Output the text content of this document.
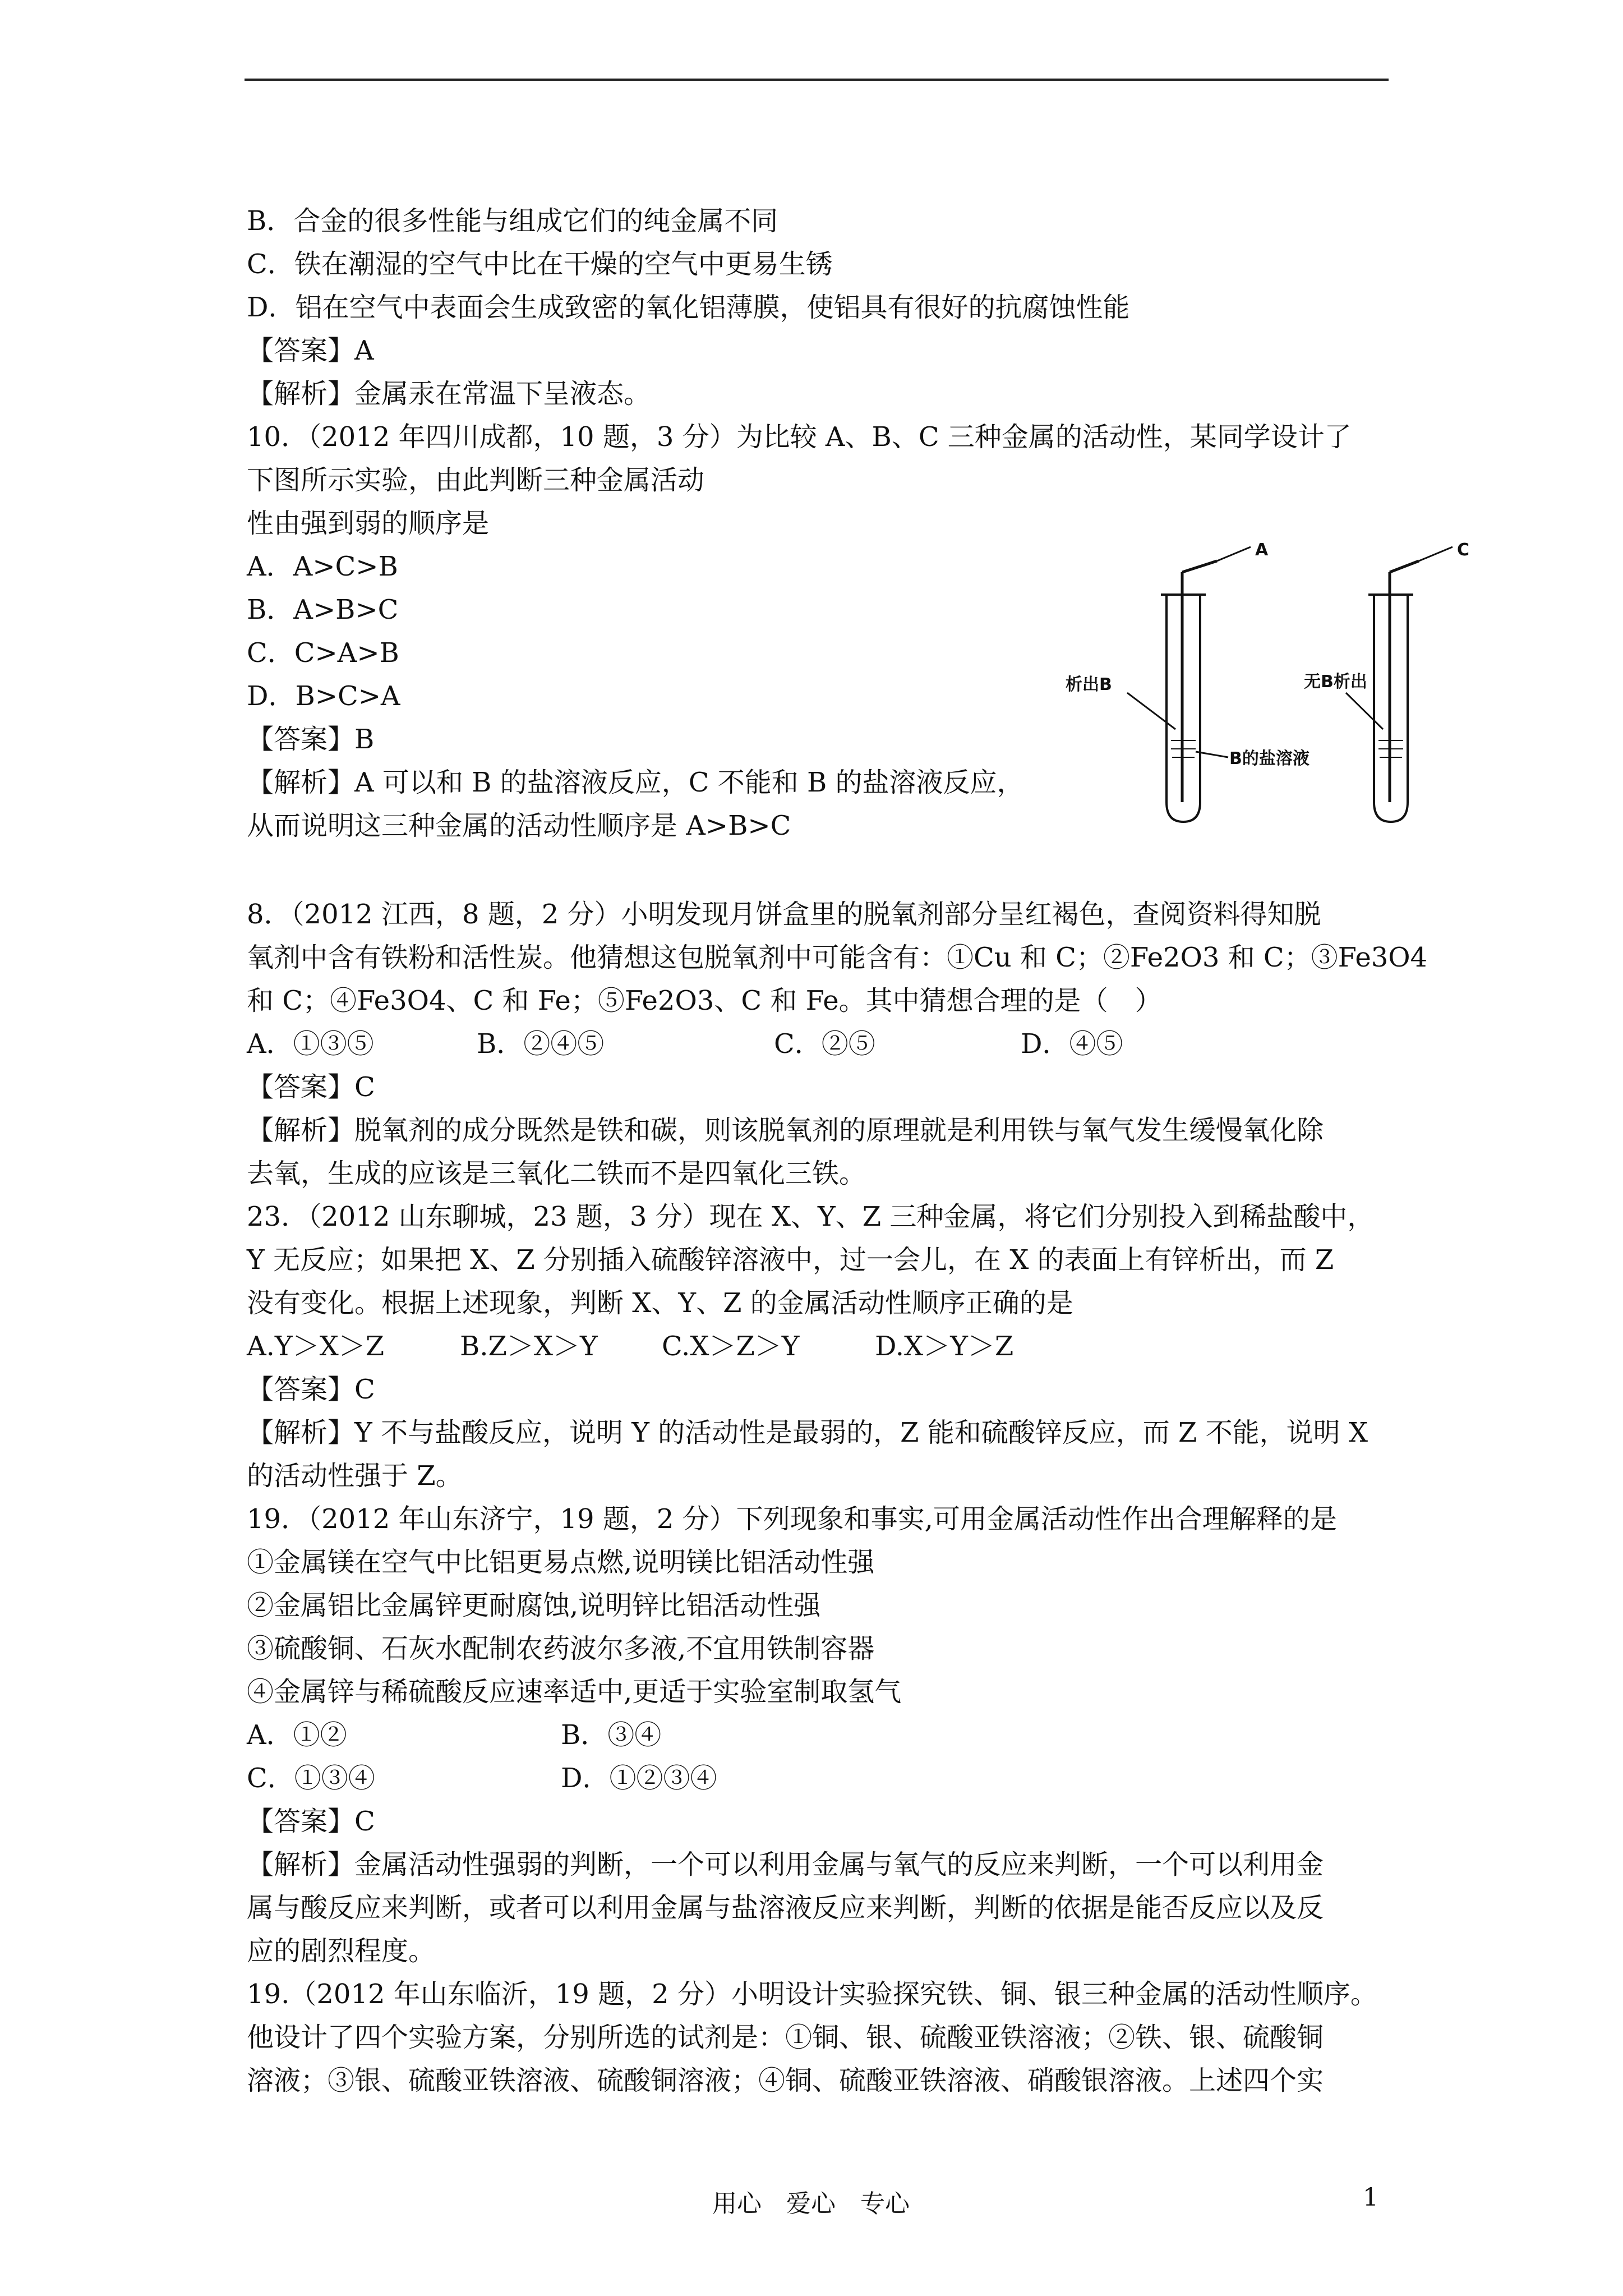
B．合金的很多性能与组成它们的纯金属不同
C．铁在潮湿的空气中比在干燥的空气中更易生锈
D．铝在空气中表面会生成致密的氧化铝薄膜，使铝具有很好的抗腐蚀性能
【答案】A
【解析】金属汞在常温下呈液态。
10．（2012 年四川成都，10 题，3 分）为比较 A、B、C 三种金属的活动性，某同学设计了
下图所示实验，由此判断三种金属活动
性由强到弱的顺序是
A．A>C>B
B．A>B>C
C．C>A>B
D．B>C>A
【答案】B
【解析】A 可以和 B 的盐溶液反应，C 不能和 B 的盐溶液反应，
从而说明这三种金属的活动性顺序是 A>B>C
A
析出B
B的盐溶液
C
无B析出
8．（2012 江西，8 题，2 分）小明发现月饼盒里的脱氧剂部分呈红褐色，查阅资料得知脱
氧剂中含有铁粉和活性炭。他猜想这包脱氧剂中可能含有：①Cu 和 C；②Fe2O3 和 C；③Fe3O4
和 C；④Fe3O4、C 和 Fe；⑤Fe2O3、C 和 Fe。其中猜想合理的是（　）
A．①③⑤	B．②④⑤	C．②⑤	D．④⑤
【答案】C
【解析】脱氧剂的成分既然是铁和碳，则该脱氧剂的原理就是利用铁与氧气发生缓慢氧化除
去氧，生成的应该是三氧化二铁而不是四氧化三铁。
23．（2012 山东聊城，23 题，3 分）现在 X、Y、Z 三种金属，将它们分别投入到稀盐酸中，
Y 无反应；如果把 X、Z 分别插入硫酸锌溶液中，过一会儿，在 X 的表面上有锌析出，而 Z
没有变化。根据上述现象，判断 X、Y、Z 的金属活动性顺序正确的是
A.Y＞X＞Z	B.Z＞X＞Y C.X＞Z＞Y	D.X＞Y＞Z
【答案】C
【解析】Y 不与盐酸反应，说明 Y 的活动性是最弱的，Z 能和硫酸锌反应，而 Z 不能，说明 X
的活动性强于 Z。
19．（2012 年山东济宁，19 题，2 分）下列现象和事实,可用金属活动性作出合理解释的是
①金属镁在空气中比铝更易点燃,说明镁比铝活动性强
②金属铝比金属锌更耐腐蚀,说明锌比铝活动性强
③硫酸铜、石灰水配制农药波尔多液,不宜用铁制容器
④金属锌与稀硫酸反应速率适中,更适于实验室制取氢气
A．①②	B．③④
C．①③④	D．①②③④
【答案】C
【解析】金属活动性强弱的判断，一个可以利用金属与氧气的反应来判断，一个可以利用金
属与酸反应来判断，或者可以利用金属与盐溶液反应来判断，判断的依据是能否反应以及反
应的剧烈程度。
19.（2012 年山东临沂，19 题，2 分）小明设计实验探究铁、铜、银三种金属的活动性顺序。
他设计了四个实验方案，分别所选的试剂是：①铜、银、硫酸亚铁溶液；②铁、银、硫酸铜
溶液；③银、硫酸亚铁溶液、硫酸铜溶液；④铜、硫酸亚铁溶液、硝酸银溶液。上述四个实
用心　爱心　专心	1
